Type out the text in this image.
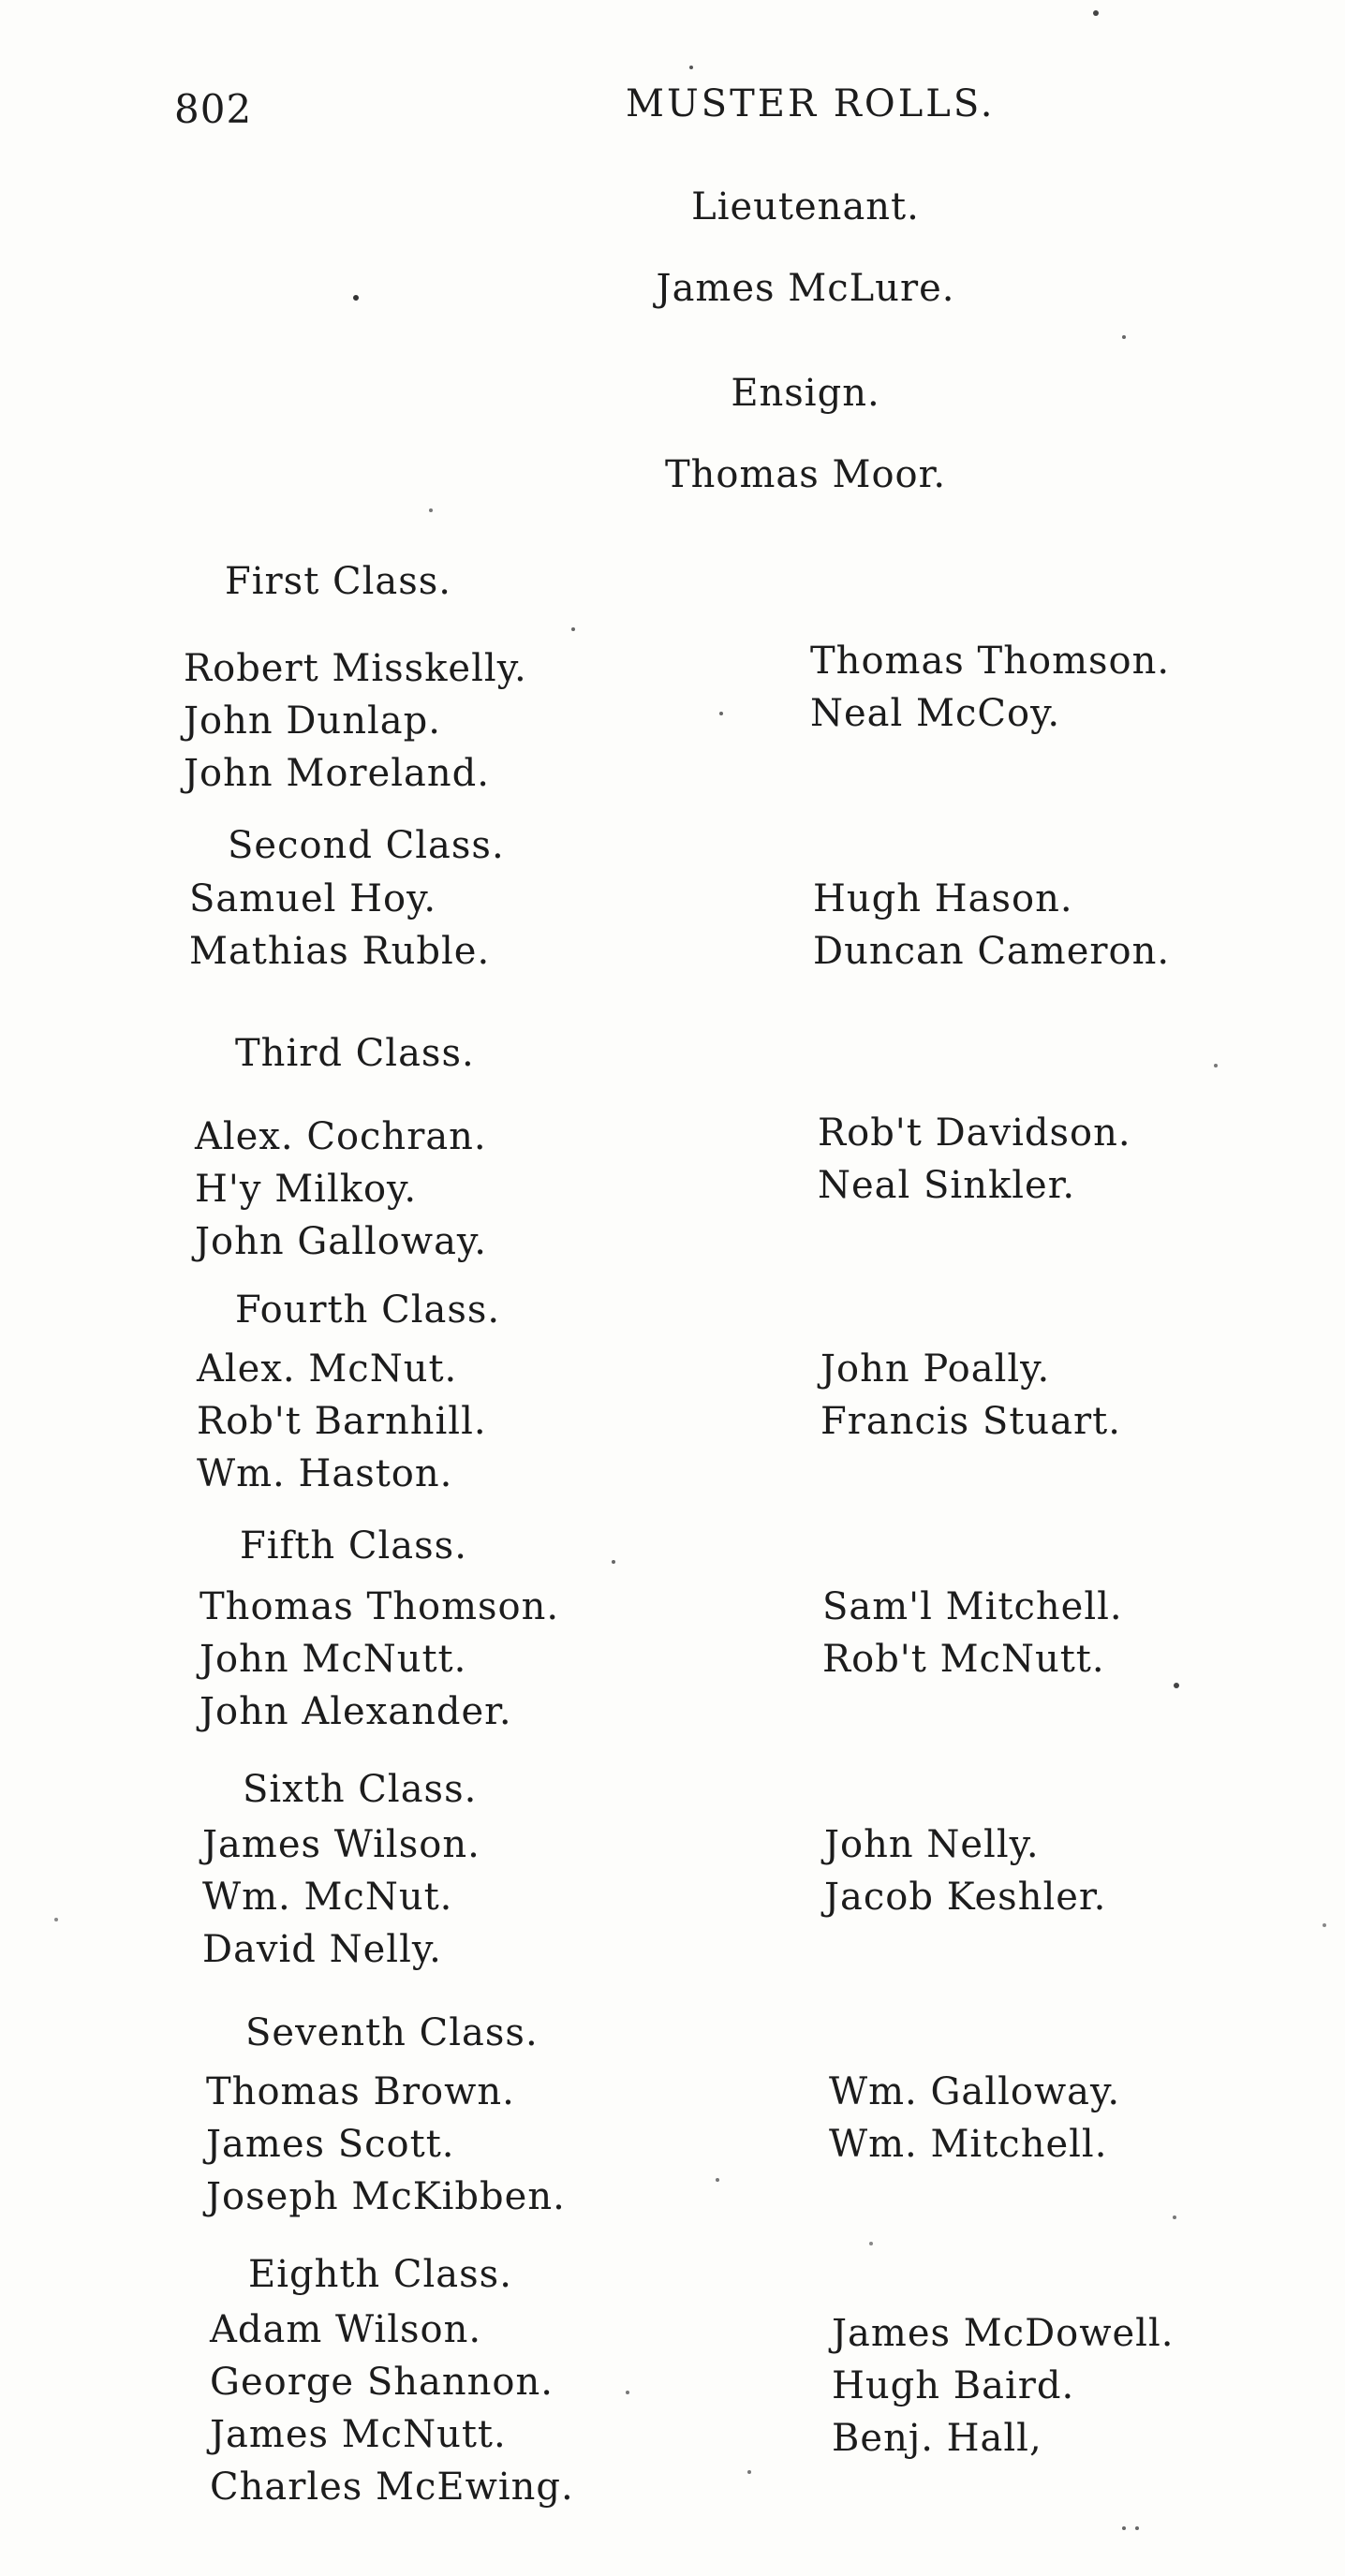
802	MUSTER ROLLS.
Lieutenant.
James McLure.
Ensign.
Thomas Moor.
First Class.
Robert Misskelly.
John Dunlap.
John Moreland.
Thomas Thomson.
Neal McCoy.
Second Class.
Samuel Hoy.
Mathias Ruble.
Hugh Hason.
Duncan Cameron.
Third Class.
Alex. Cochran.
H'y Milkoy.
John Galloway.
Rob't Davidson.
Neal Sinkler.
Fourth Class.
Alex. McNut.
Rob't Barnhill.
Wm. Haston.
John Poally.
Francis Stuart.
Fifth Class.
Thomas Thomson.
John McNutt.
John Alexander.
Sam'l Mitchell.
Rob't McNutt.
Sixth Class.
James Wilson.
Wm. McNut.
David Nelly.
John Nelly.
Jacob Keshler.
Seventh Class.
Thomas Brown.
James Scott.
Joseph McKibben.
Wm. Galloway.
Wm. Mitchell.
Eighth Class.
Adam Wilson.
George Shannon.
James McNutt.
Charles McEwing.
James McDowell.
Hugh Baird.
Benj. Hall,
